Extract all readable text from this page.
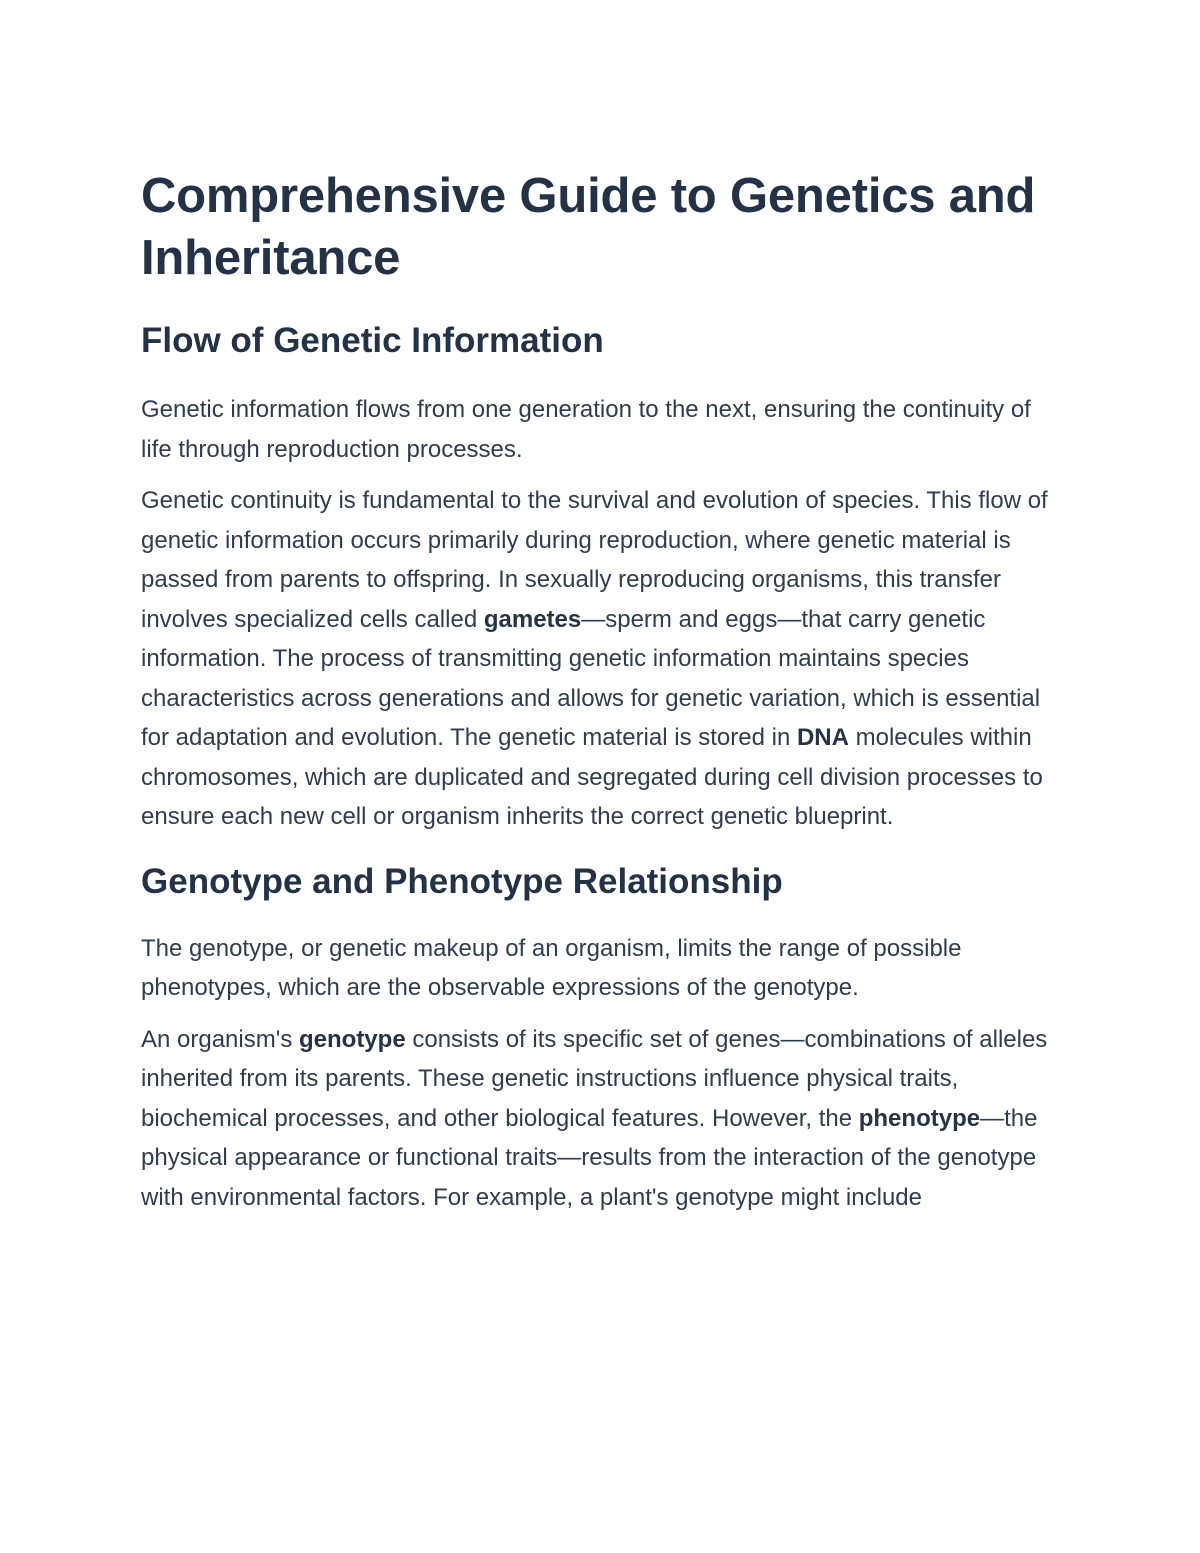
Comprehensive Guide to Genetics and Inheritance
Flow of Genetic Information

Genetic information flows from one generation to the next, ensuring the continuity of life through reproduction processes.

Genetic continuity is fundamental to the survival and evolution of species. This flow of genetic information occurs primarily during reproduction, where genetic material is passed from parents to offspring. In sexually reproducing organisms, this transfer involves specialized cells called gametes—sperm and eggs—that carry genetic information. The process of transmitting genetic information maintains species characteristics across generations and allows for genetic variation, which is essential for adaptation and evolution. The genetic material is stored in DNA molecules within chromosomes, which are duplicated and segregated during cell division processes to ensure each new cell or organism inherits the correct genetic blueprint.

Genotype and Phenotype Relationship

The genotype, or genetic makeup of an organism, limits the range of possible phenotypes, which are the observable expressions of the genotype.

An organism's genotype consists of its specific set of genes—combinations of alleles inherited from its parents. These genetic instructions influence physical traits, biochemical processes, and other biological features. However, the phenotype—the physical appearance or functional traits—results from the interaction of the genotype with environmental factors. For example, a plant's genotype might include
